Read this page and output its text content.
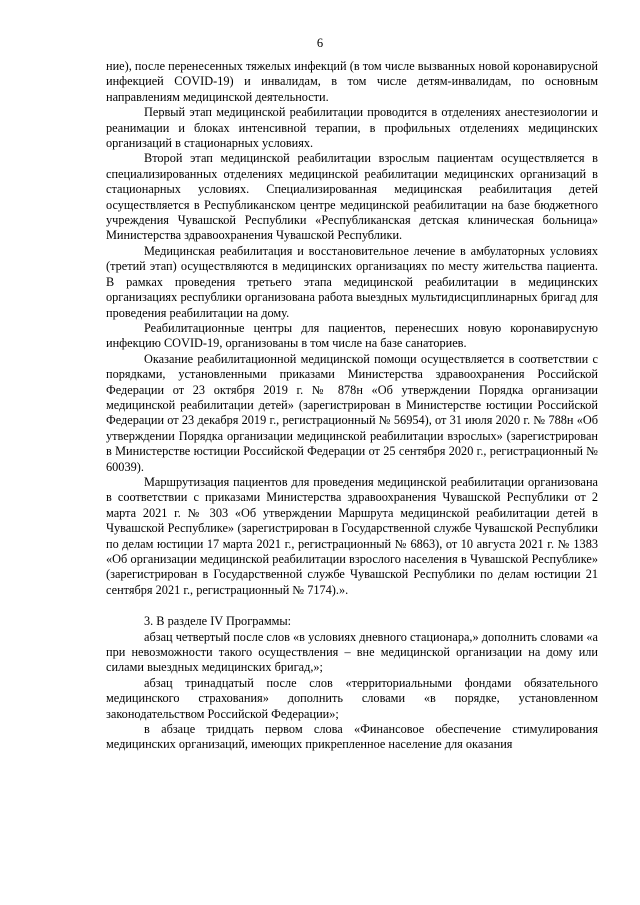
6

ние), после перенесенных тяжелых инфекций (в том числе вызванных новой коронавирусной инфекцией COVID-19) и инвалидам, в том числе детям-инвалидам, по основным направлениям медицинской деятельности.

Первый этап медицинской реабилитации проводится в отделениях анестезиологии и реанимации и блоках интенсивной терапии, в профильных отделениях медицинских организаций в стационарных условиях.

Второй этап медицинской реабилитации взрослым пациентам осуществляется в специализированных отделениях медицинской реабилитации медицинских организаций в стационарных условиях. Специализированная медицинская реабилитация детей осуществляется в Республиканском центре медицинской реабилитации на базе бюджетного учреждения Чувашской Республики «Республиканская детская клиническая больница» Министерства здравоохранения Чувашской Республики.

Медицинская реабилитация и восстановительное лечение в амбулаторных условиях (третий этап) осуществляются в медицинских организациях по месту жительства пациента. В рамках проведения третьего этапа медицинской реабилитации в медицинских организациях республики организована работа выездных мультидисциплинарных бригад для проведения реабилитации на дому.

Реабилитационные центры для пациентов, перенесших новую коронавирусную инфекцию COVID-19, организованы в том числе на базе санаториев.

Оказание реабилитационной медицинской помощи осуществляется в соответствии с порядками, установленными приказами Министерства здравоохранения Российской Федерации от 23 октября 2019 г. № 878н «Об утверждении Порядка организации медицинской реабилитации детей» (зарегистрирован в Министерстве юстиции Российской Федерации от 23 декабря 2019 г., регистрационный № 56954), от 31 июля 2020 г. № 788н «Об утверждении Порядка организации медицинской реабилитации взрослых» (зарегистрирован в Министерстве юстиции Российской Федерации от 25 сентября 2020 г., регистрационный № 60039).

Маршрутизация пациентов для проведения медицинской реабилитации организована в соответствии с приказами Министерства здравоохранения Чувашской Республики от 2 марта 2021 г. № 303 «Об утверждении Маршрута медицинской реабилитации детей в Чувашской Республике» (зарегистрирован в Государственной службе Чувашской Республики по делам юстиции 17 марта 2021 г., регистрационный № 6863), от 10 августа 2021 г. № 1383 «Об организации медицинской реабилитации взрослого населения в Чувашской Республике» (зарегистрирован в Государственной службе Чувашской Республики по делам юстиции 21 сентября 2021 г., регистрационный № 7174).».

3. В разделе IV Программы:

абзац четвертый после слов «в условиях дневного стационара,» дополнить словами «а при невозможности такого осуществления – вне медицинской организации на дому или силами выездных медицинских бригад,»;

абзац тринадцатый после слов «территориальными фондами обязательного медицинского страхования» дополнить словами «в порядке, установленном законодательством Российской Федерации»;

в абзаце тридцать первом слова «Финансовое обеспечение стимулирования медицинских организаций, имеющих прикрепленное население для оказания
